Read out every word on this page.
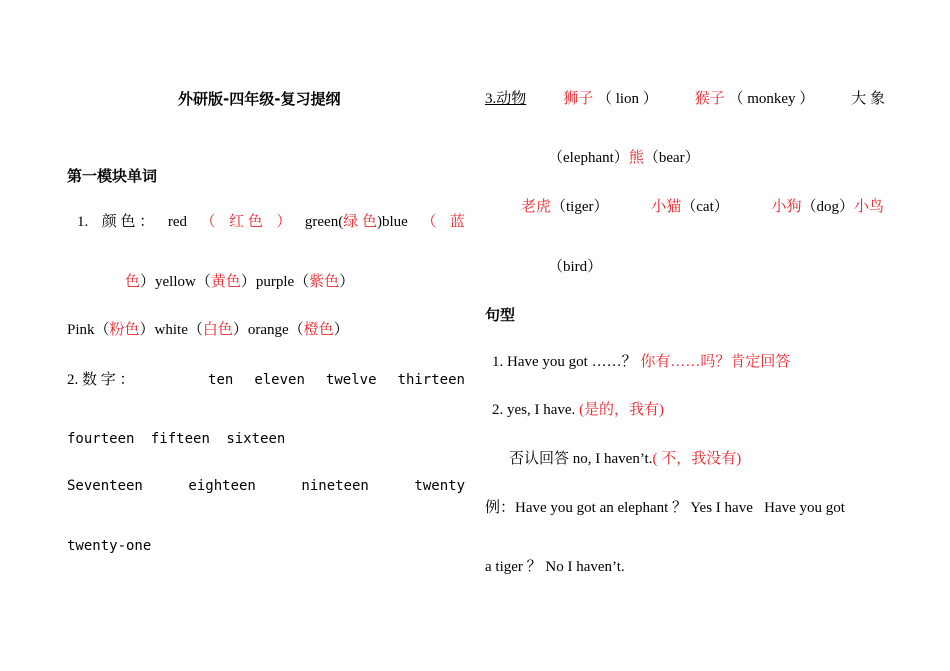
外研版-四年级-复习提纲
第一模块单词
1. 颜 色 ： red （ 红 色 ） green(绿 色)blue （ 蓝
色）yellow（黄色）purple（紫色）
Pink（粉色）white（白色）orange（橙色）
2. 数 字 ：	ten eleven twelve thirteen
fourteen fifteen sixteen
Seventeen	eighteen	nineteen	twenty
twenty-one
3.动物 狮子 （ lion ） 猴子 （ monkey ） 大 象
（elephant）熊（bear）
老虎（tiger）	小猫（cat）	小狗（dog）小鸟
（bird）
句型
1. Have you got ……？ 你有……吗？肯定回答
2. yes, I have. (是的，我有)
否认回答 no, I haven’t.( 不，我没有)
例：Have you got an elephant ？ Yes I have   Have you got
a tiger ？ No I haven’t.
